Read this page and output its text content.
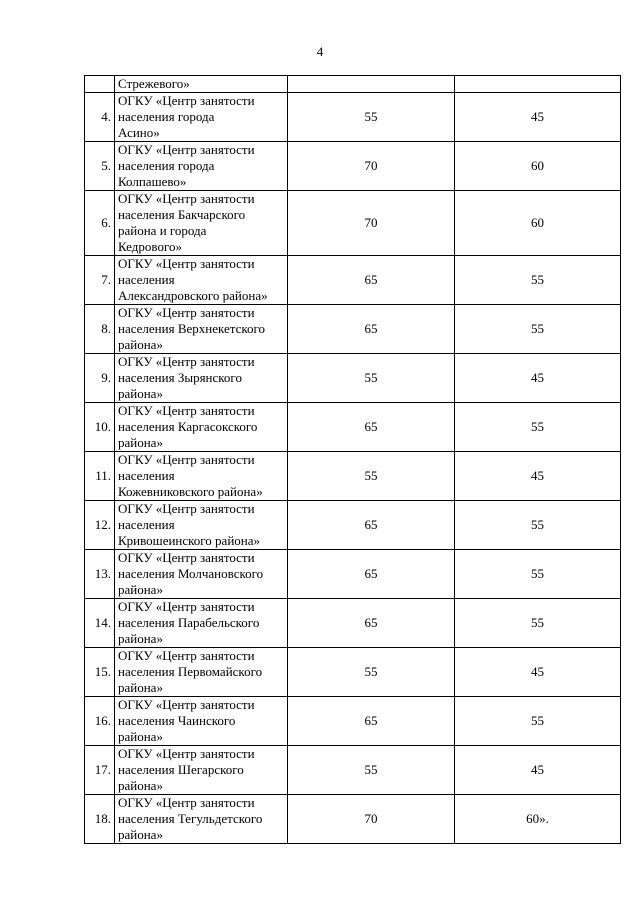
4

	Стрежевого»		

4.	ОГКУ «Центр занятости
населения города
Асино»	55	45
5.	ОГКУ «Центр занятости
населения города
Колпашево»	70	60
6.	ОГКУ «Центр занятости
населения Бакчарского
района и города
Кедрового»	70	60
7.	ОГКУ «Центр занятости
населения
Александровского района»	65	55
8.	ОГКУ «Центр занятости
населения Верхнекетского
района»	65	55
9.	ОГКУ «Центр занятости
населения Зырянского
района»	55	45
10.	ОГКУ «Центр занятости
населения Каргасокского
района»	65	55
11.	ОГКУ «Центр занятости
населения
Кожевниковского района»	55	45
12.	ОГКУ «Центр занятости
населения
Кривошеинского района»	65	55
13.	ОГКУ «Центр занятости
населения Молчановского
района»	65	55
14.	ОГКУ «Центр занятости
населения Парабельского
района»	65	55
15.	ОГКУ «Центр занятости
населения Первомайского
района»	55	45
16.	ОГКУ «Центр занятости
населения Чаинского
района»	65	55
17.	ОГКУ «Центр занятости
населения Шегарского
района»	55	45
18.	ОГКУ «Центр занятости
населения Тегульдетского
района»	70	60».
